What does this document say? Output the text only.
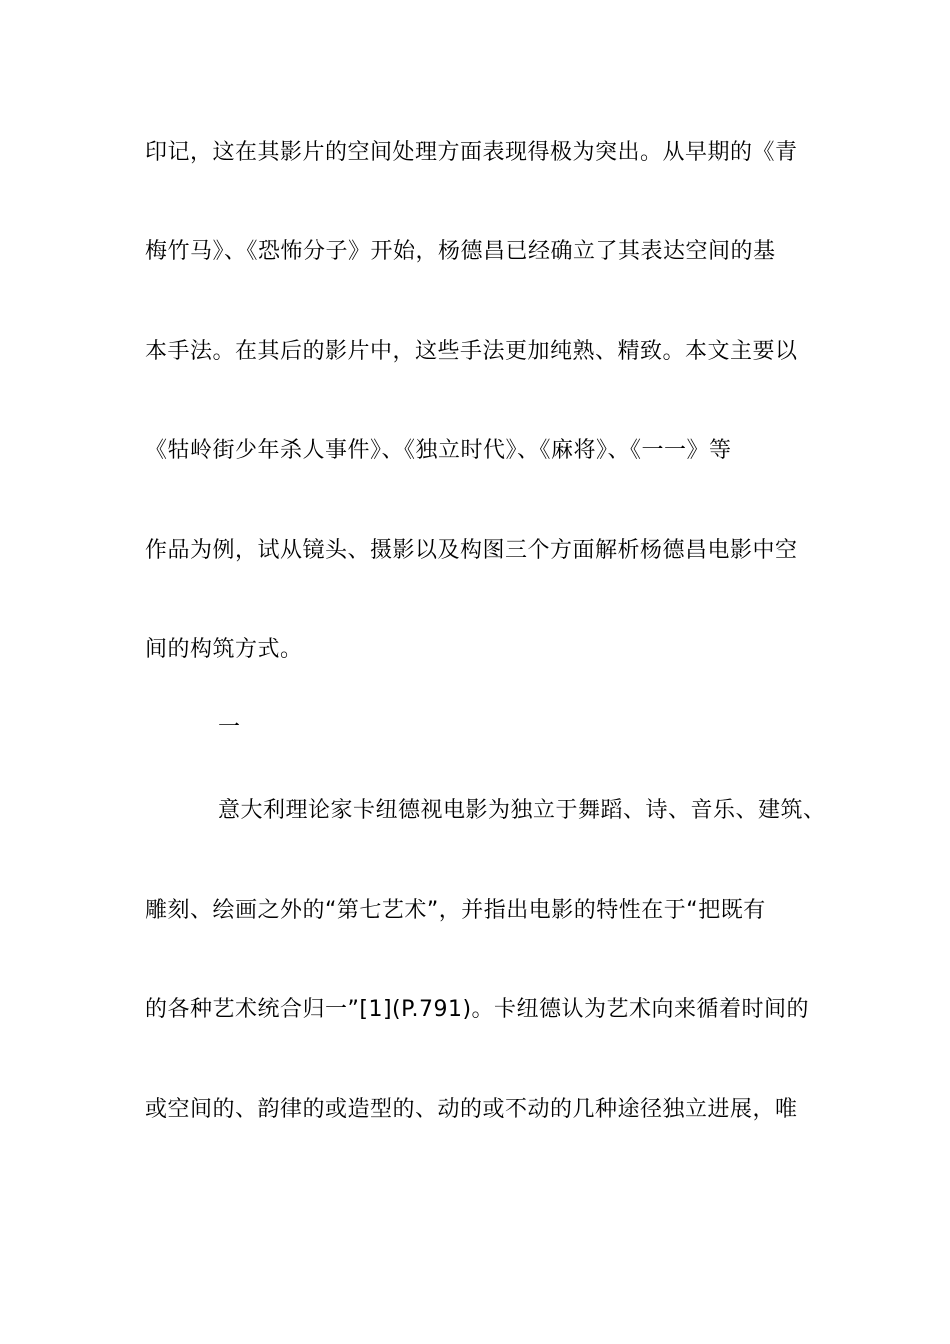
印记，这在其影片的空间处理方面表现得极为突出。从早期的《青
梅竹马》、《恐怖分子》开始，杨德昌已经确立了其表达空间的基
本手法。在其后的影片中，这些手法更加纯熟、精致。本文主要以
《牯岭街少年杀人事件》、《独立时代》、《麻将》、《一一》等
作品为例，试从镜头、摄影以及构图三个方面解析杨德昌电影中空
间的构筑方式。
一
意大利理论家卡纽德视电影为独立于舞蹈、诗、音乐、建筑、
雕刻、绘画之外的“第七艺术”，并指出电影的特性在于“把既有
的各种艺术统合归一”[1](P.791)。卡纽德认为艺术向来循着时间的
或空间的、韵律的或造型的、动的或不动的几种途径独立进展，唯
